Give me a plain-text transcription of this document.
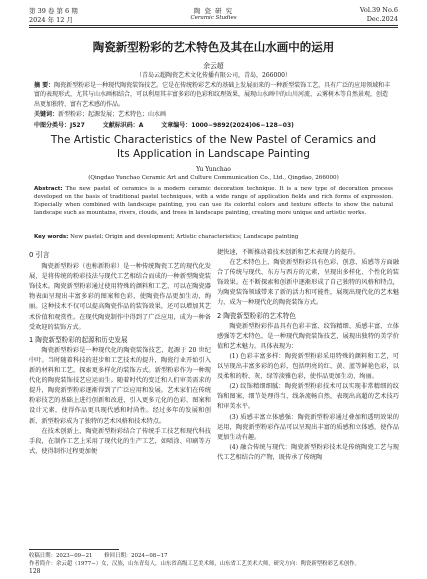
第 39 卷 第 6 期
2024 年 12 月
陶 瓷 研 究
Ceramic Studies
Vol.39 No.6
Dec.2024
陶瓷新型粉彩的艺术特色及其在山水画中的运用
余云超
（青岛云超陶瓷艺术文化传播有限公司，青岛，266000）
摘 要：陶瓷新型粉彩是一种现代陶瓷装饰技艺。它是在传统粉彩艺术的基础上发展而来的一种新型装饰工艺，具有广泛的应用领域和丰富的表现形式，尤其与山水画相结合，可以利用其丰富多彩的色彩和纹理效果，展现山水画中的山川河流、云雾树木等自然景观，创造出更加独特、富有艺术感的作品。
关键词：新型粉彩；起源发展；艺术特色；山水画
中图分类号：J527	文献标识码：A	文章编号：1000−9892(2024)06−128−03)
The Artistic Characteristics of the New Pastel of Ceramics and
Its Application in Landscape Painting
Yu Yunchao
(Qingdao Yunchao Ceramic Art and Culture Communication Co., Ltd., Qingdao, 266000)
Abstract: The new pastel of ceramics is a modern ceramic decoration technique. It is a new type of decoration process developed on the basis of traditional pastel techniques, with a wide range of application fields and rich forms of expression. Especially when combined with landscape painting, you can use its colorful colors and texture effects to show the natural landscape such as mountains, rivers, clouds, and trees in landscape painting, creating more unique and artistic works.
Key words: New pastel; Origin and development; Artistic characteristics; Landscape painting

0 引言

陶瓷新型粉彩（也称新粉彩）是一种传统陶瓷工艺的现代化发展，是将传统的粉彩技法与现代工艺相结合而成的一种新型陶瓷装饰技术。陶瓷新型粉彩通过使用特殊的颜料和工艺，可以在陶瓷器物表面呈现出丰富多彩的图案和色彩，使陶瓷作品更加生动、绚丽。这种技术不仅可以提高陶瓷作品的装饰效果，还可以增加其艺术价值和观赏性。在现代陶瓷制作中得到了广泛应用，成为一种备受欢迎的装饰方式。

1 陶瓷新型粉彩的起源和历史发展

陶瓷新型粉彩是一种现代化的陶瓷装饰技艺，起源于 20 世纪中叶。当时随着科技的进步和工艺技术的提升，陶瓷行业开始引入新的材料和工艺，探索更多样化的装饰方式。新型粉彩作为一种现代化的陶瓷装饰技艺应运而生。随着时代的变迁和人们审美需求的提升，陶瓷新型粉彩逐渐得到了广泛应用和发展。艺术家们在传统粉彩技艺的基础上进行创新和改进，引入更多元化的色彩、图案和设计元素，使得作品更具现代感和时尚性。经过多年的发展和创新，新型粉彩成为了独特的艺术风格和技术特点。

在技术创新上，陶瓷新型粉彩结合了传统手工技艺和现代科技手段，在制作工艺上采用了现代化的生产工艺，如喷涂、印刷等方式，使得制作过程更加便

捷快速，不断推动着技术创新和艺术表现力的提升。

在艺术特色上，陶瓷新型粉彩具有色彩、创意、质感等方面融合了传统与现代、东方与西方的元素，呈现出多样化、个性化的装饰效果。在不断探索和创新中逐渐形成了自己独特的风格和特点，为陶瓷装饰领域带来了新的活力和可能性，展现出现代化的艺术魅力，成为一种现代化的陶瓷装饰方式。

2 陶瓷新型粉彩的艺术特色

陶瓷新型粉彩作品具有色彩丰富、纹饰精细、质感丰富、立体感强等艺术特色，是一种现代陶瓷装饰技艺，展现出独特的美学价值和艺术魅力。具体表现为：

(1) 色彩丰富多样：陶瓷新型粉彩采用特殊的颜料和工艺，可以呈现出丰富多彩的色彩，包括明亮的红、黄、蓝等鲜艳色彩，以及柔和的粉、灰、绿等淡雅色彩，使作品更加生动、绚丽。

(2) 纹饰精细细腻：陶瓷新型粉彩技术可以实现非常精细的纹饰和图案，细节处理得当，线条流畅自然，表现出高超的艺术技巧和审美水平。

(3) 质感丰富立体感强：陶瓷新型粉彩通过叠加和透明效果的运用，陶瓷新型粉彩作品可以呈现出丰富的质感和立体感，使作品更加生动有趣。

(4) 融合传统与现代：陶瓷新型粉彩技术是传统陶瓷工艺与现代工艺相结合的产物，既传承了传统陶

收稿日期：2023−09−21 修回日期：2024−08−17
作者简介：余云超（1977−）女，汉族，山东青岛人，山东省高级工艺美术师，山东省工艺美术大师，研究方向：陶瓷新型粉彩艺术创作。
128
